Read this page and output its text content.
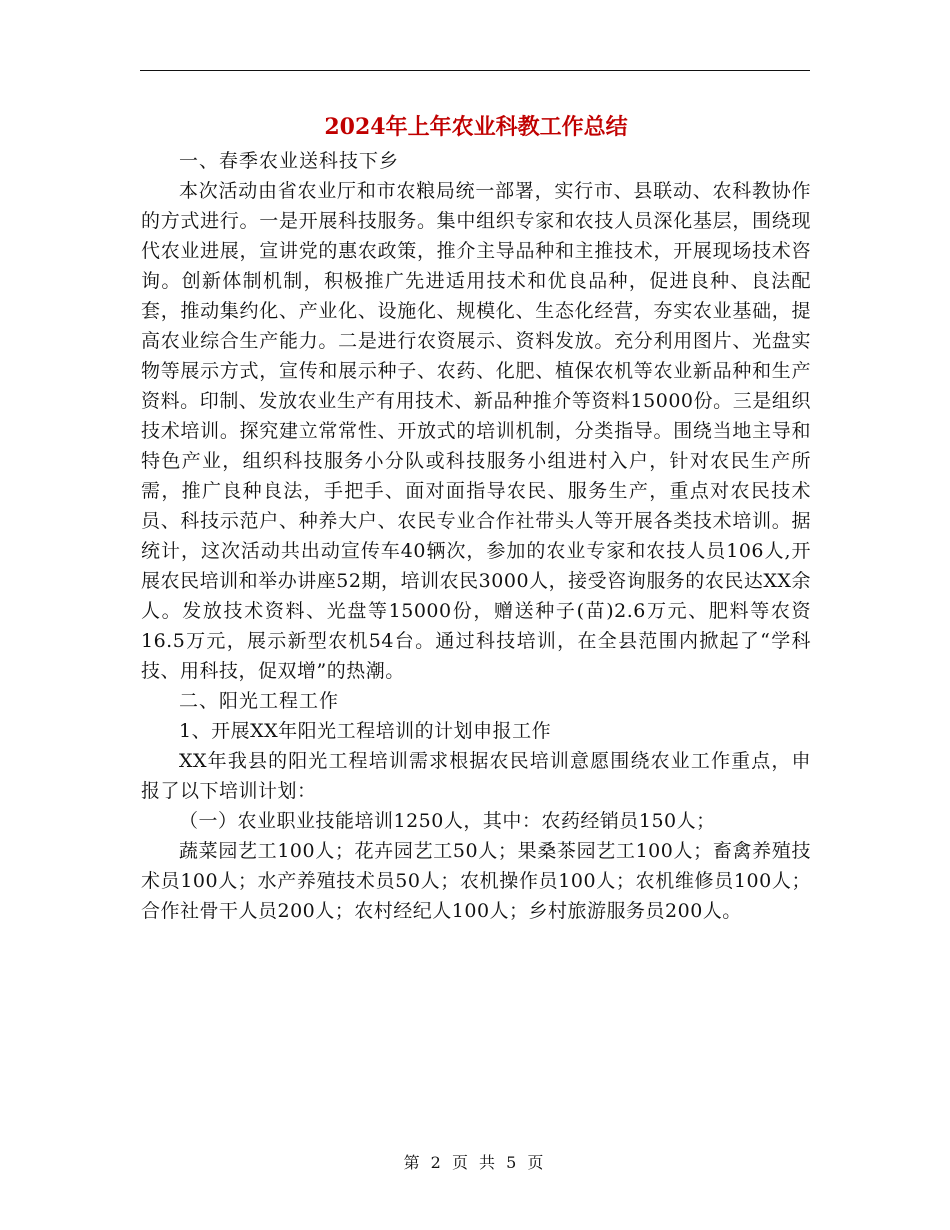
2024年上年农业科教工作总结

一、春季农业送科技下乡

本次活动由省农业厅和市农粮局统一部署，实行市、县联动、农科教协作的方式进行。一是开展科技服务。集中组织专家和农技人员深化基层，围绕现代农业进展，宣讲党的惠农政策，推介主导品种和主推技术，开展现场技术咨询。创新体制机制，积极推广先进适用技术和优良品种，促进良种、良法配套，推动集约化、产业化、设施化、规模化、生态化经营，夯实农业基础，提高农业综合生产能力。二是进行农资展示、资料发放。充分利用图片、光盘实物等展示方式，宣传和展示种子、农药、化肥、植保农机等农业新品种和生产资料。印制、发放农业生产有用技术、新品种推介等资料15000份。三是组织技术培训。探究建立常常性、开放式的培训机制，分类指导。围绕当地主导和特色产业，组织科技服务小分队或科技服务小组进村入户，针对农民生产所需，推广良种良法，手把手、面对面指导农民、服务生产，重点对农民技术员、科技示范户、种养大户、农民专业合作社带头人等开展各类技术培训。据统计，这次活动共出动宣传车40辆次，参加的农业专家和农技人员106人,开展农民培训和举办讲座52期，培训农民3000人，接受咨询服务的农民达XX余人。发放技术资料、光盘等15000份，赠送种子(苗)2.6万元、肥料等农资16.5万元，展示新型农机54台。通过科技培训，在全县范围内掀起了“学科技、用科技，促双增”的热潮。

二、阳光工程工作

1、开展XX年阳光工程培训的计划申报工作

XX年我县的阳光工程培训需求根据农民培训意愿围绕农业工作重点，申报了以下培训计划：

（一）农业职业技能培训1250人，其中：农药经销员150人；

蔬菜园艺工100人；花卉园艺工50人；果桑茶园艺工100人；畜禽养殖技术员100人；水产养殖技术员50人；农机操作员100人；农机维修员100人；合作社骨干人员200人；农村经纪人100人；乡村旅游服务员200人。

第 2 页 共 5 页
